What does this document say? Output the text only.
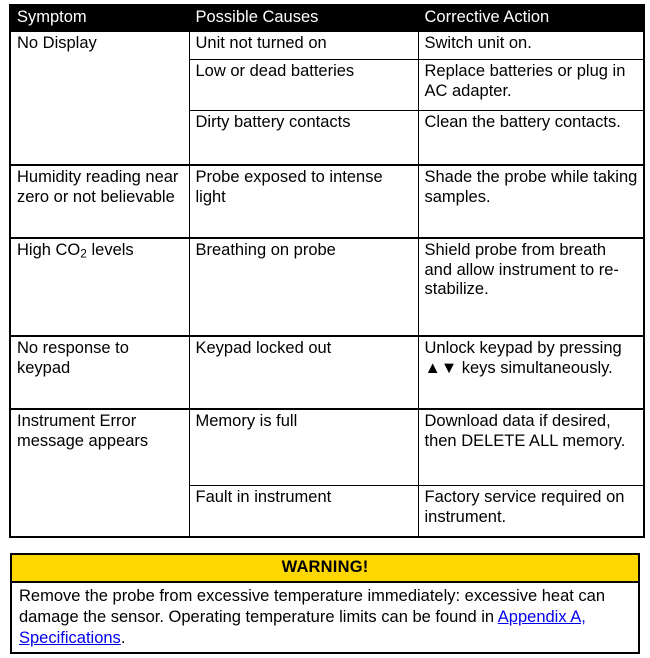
Symptom	Possible Causes	Corrective Action

No Display	Unit not turned on	Switch unit on.
	Low or dead batteries	Replace batteries or plug in AC adapter.
	Dirty battery contacts	Clean the battery contacts.
Humidity reading near zero or not believable	Probe exposed to intense light	Shade the probe while taking samples.
High $CO_2$ levels	Breathing on probe	Shield probe from breath and allow instrument to re-stabilize.
No response to keypad	Keypad locked out	Unlock keypad by pressing ▲▼ keys simultaneously.
Instrument Error message appears	Memory is full	Download data if desired, then DELETE ALL memory.
	Fault in instrument	Factory service required on instrument.
WARNING!
Remove the probe from excessive temperature immediately: excessive heat can damage the sensor. Operating temperature limits can be found in Appendix A, Specifications.
